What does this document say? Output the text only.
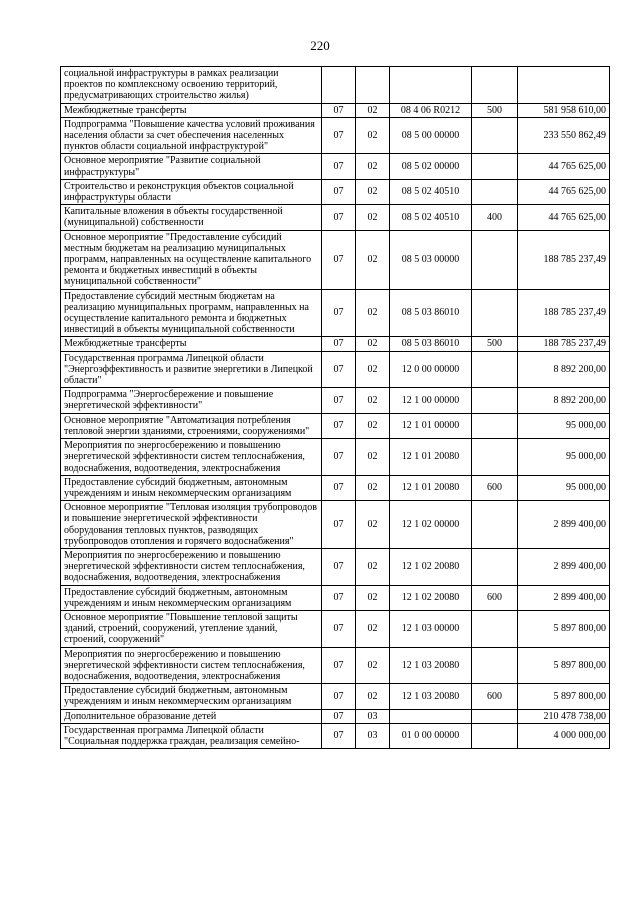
220
социальной инфраструктуры в рамках реализации проектов по комплексному освоению территорий, предусматривающих строительство жилья)					
Межбюджетные трансферты	07	02	08 4 06 R0212	500	581 958 610,00
Подпрограмма "Повышение качества условий проживания населения области за счет обеспечения населенных пунктов области социальной инфраструктурой"	07	02	08 5 00 00000		233 550 862,49
Основное мероприятие "Развитие социальной инфраструктуры"	07	02	08 5 02 00000		44 765 625,00
Строительство и реконструкция объектов социальной инфраструктуры области	07	02	08 5 02 40510		44 765 625,00
Капитальные вложения в объекты государственной (муниципальной) собственности	07	02	08 5 02 40510	400	44 765 625,00
Основное мероприятие "Предоставление субсидий местным бюджетам на реализацию муниципальных программ, направленных на осуществление капитального ремонта и бюджетных инвестиций в объекты муниципальной собственности"	07	02	08 5 03 00000		188 785 237,49
Предоставление субсидий местным бюджетам на реализацию муниципальных программ, направленных на осуществление капитального ремонта и бюджетных инвестиций в объекты муниципальной собственности	07	02	08 5 03 86010		188 785 237,49
Межбюджетные трансферты	07	02	08 5 03 86010	500	188 785 237,49
Государственная программа Липецкой области "Энергоэффективность и развитие энергетики в Липецкой области"	07	02	12 0 00 00000		8 892 200,00
Подпрограмма "Энергосбережение и повышение энергетической эффективности"	07	02	12 1 00 00000		8 892 200,00
Основное мероприятие "Автоматизация потребления тепловой энергии зданиями, строениями, сооружениями"	07	02	12 1 01 00000		95 000,00
Мероприятия по энергосбережению и повышению энергетической эффективности систем теплоснабжения, водоснабжения, водоотведения, электроснабжения	07	02	12 1 01 20080		95 000,00
Предоставление субсидий бюджетным, автономным учреждениям и иным некоммерческим организациям	07	02	12 1 01 20080	600	95 000,00
Основное мероприятие "Тепловая изоляция трубопроводов и повышение энергетической эффективности оборудования тепловых пунктов, разводящих трубопроводов отопления и горячего водоснабжения"	07	02	12 1 02 00000		2 899 400,00
Мероприятия по энергосбережению и повышению энергетической эффективности систем теплоснабжения, водоснабжения, водоотведения, электроснабжения	07	02	12 1 02 20080		2 899 400,00
Предоставление субсидий бюджетным, автономным учреждениям и иным некоммерческим организациям	07	02	12 1 02 20080	600	2 899 400,00
Основное мероприятие "Повышение тепловой защиты зданий, строений, сооружений, утепление зданий, строений, сооружений"	07	02	12 1 03 00000		5 897 800,00
Мероприятия по энергосбережению и повышению энергетической эффективности систем теплоснабжения, водоснабжения, водоотведения, электроснабжения	07	02	12 1 03 20080		5 897 800,00
Предоставление субсидий бюджетным, автономным учреждениям и иным некоммерческим организациям	07	02	12 1 03 20080	600	5 897 800,00
Дополнительное образование детей	07	03			210 478 738,00
Государственная программа Липецкой области "Социальная поддержка граждан, реализация семейно-	07	03	01 0 00 00000		4 000 000,00
